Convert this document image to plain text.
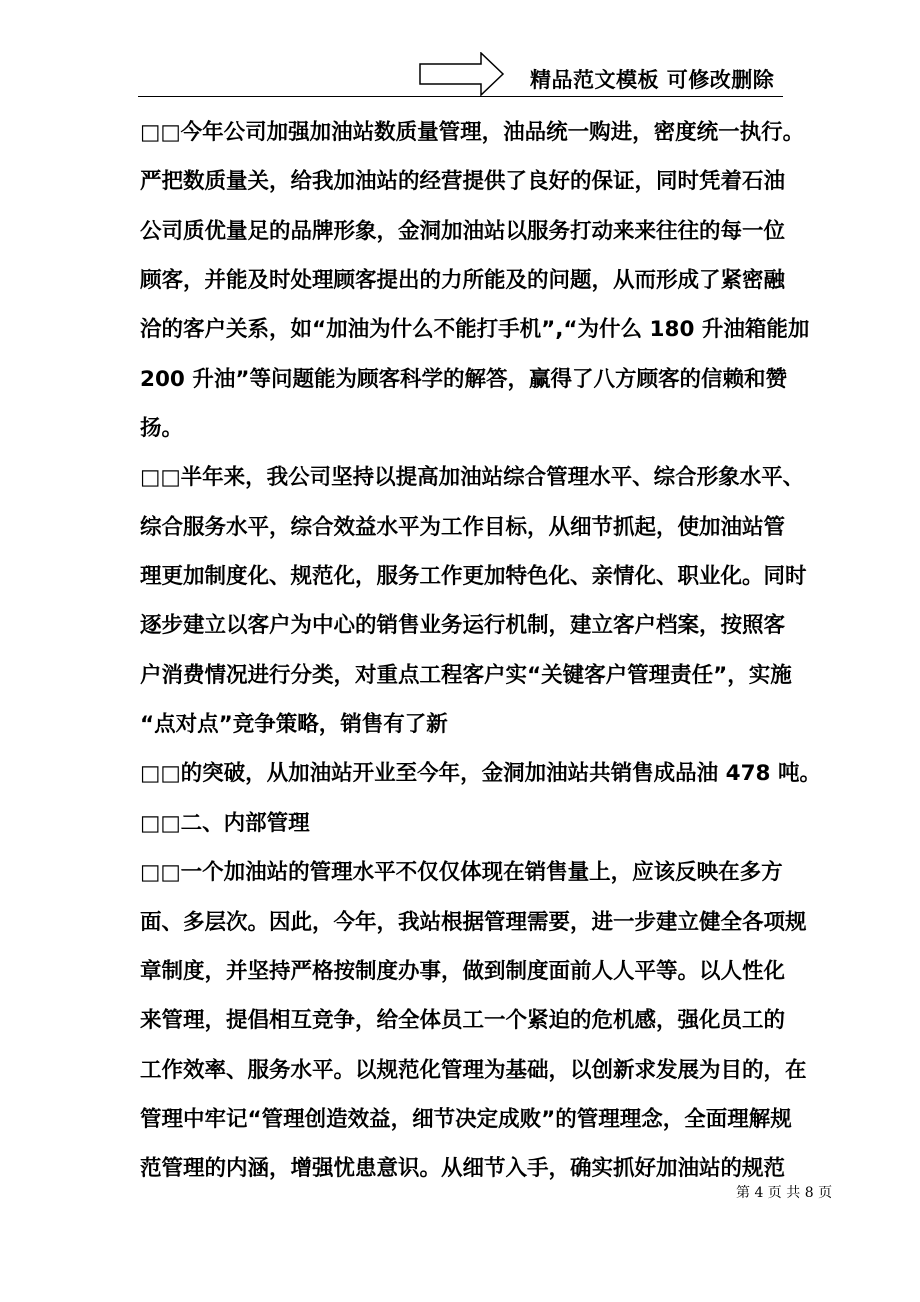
精品范文模板 可修改删除
□□今年公司加强加油站数质量管理，油品统一购进，密度统一执行。
严把数质量关，给我加油站的经营提供了良好的保证，同时凭着石油
公司质优量足的品牌形象，金洞加油站以服务打动来来往往的每一位
顾客，并能及时处理顾客提出的力所能及的问题，从而形成了紧密融
洽的客户关系，如“加油为什么不能打手机”,“为什么 180 升油箱能加
200 升油”等问题能为顾客科学的解答，赢得了八方顾客的信赖和赞
扬。
□□半年来，我公司坚持以提高加油站综合管理水平、综合形象水平、
综合服务水平，综合效益水平为工作目标，从细节抓起，使加油站管
理更加制度化、规范化，服务工作更加特色化、亲情化、职业化。同时
逐步建立以客户为中心的销售业务运行机制，建立客户档案，按照客
户消费情况进行分类，对重点工程客户实“关键客户管理责任”，实施
“点对点”竞争策略，销售有了新
□□的突破，从加油站开业至今年，金洞加油站共销售成品油 478 吨。
□□二、内部管理
□□一个加油站的管理水平不仅仅体现在销售量上，应该反映在多方
面、多层次。因此，今年，我站根据管理需要，进一步建立健全各项规
章制度，并坚持严格按制度办事，做到制度面前人人平等。以人性化
来管理，提倡相互竞争，给全体员工一个紧迫的危机感，强化员工的
工作效率、服务水平。以规范化管理为基础，以创新求发展为目的，在
管理中牢记“管理创造效益，细节决定成败”的管理理念，全面理解规
范管理的内涵，增强忧患意识。从细节入手，确实抓好加油站的规范
第 4 页 共 8 页
